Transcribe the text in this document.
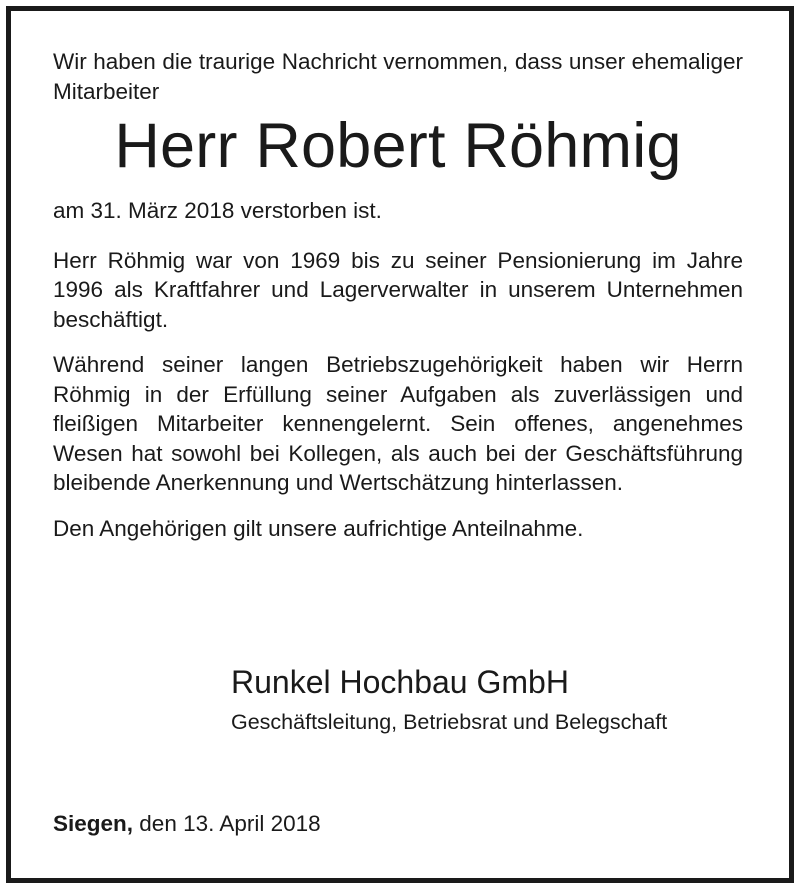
Wir haben die traurige Nachricht vernommen, dass unser ehemaliger Mitarbeiter

Herr Robert Röhmig

am 31. März 2018 verstorben ist.

Herr Röhmig war von 1969 bis zu seiner Pensionierung im Jahre 1996 als Kraftfahrer und Lagerverwalter in unserem Unternehmen beschäftigt.

Während seiner langen Betriebszugehörigkeit haben wir Herrn Röhmig in der Erfüllung seiner Aufgaben als zuverlässigen und fleißigen Mitarbeiter kennengelernt. Sein offenes, angenehmes Wesen hat sowohl bei Kollegen, als auch bei der Geschäftsführung bleibende Anerkennung und Wertschätzung hinterlassen.

Den Angehörigen gilt unsere aufrichtige Anteilnahme.

Runkel Hochbau GmbH

Geschäftsleitung, Betriebsrat und Belegschaft

Siegen, den 13. April 2018
